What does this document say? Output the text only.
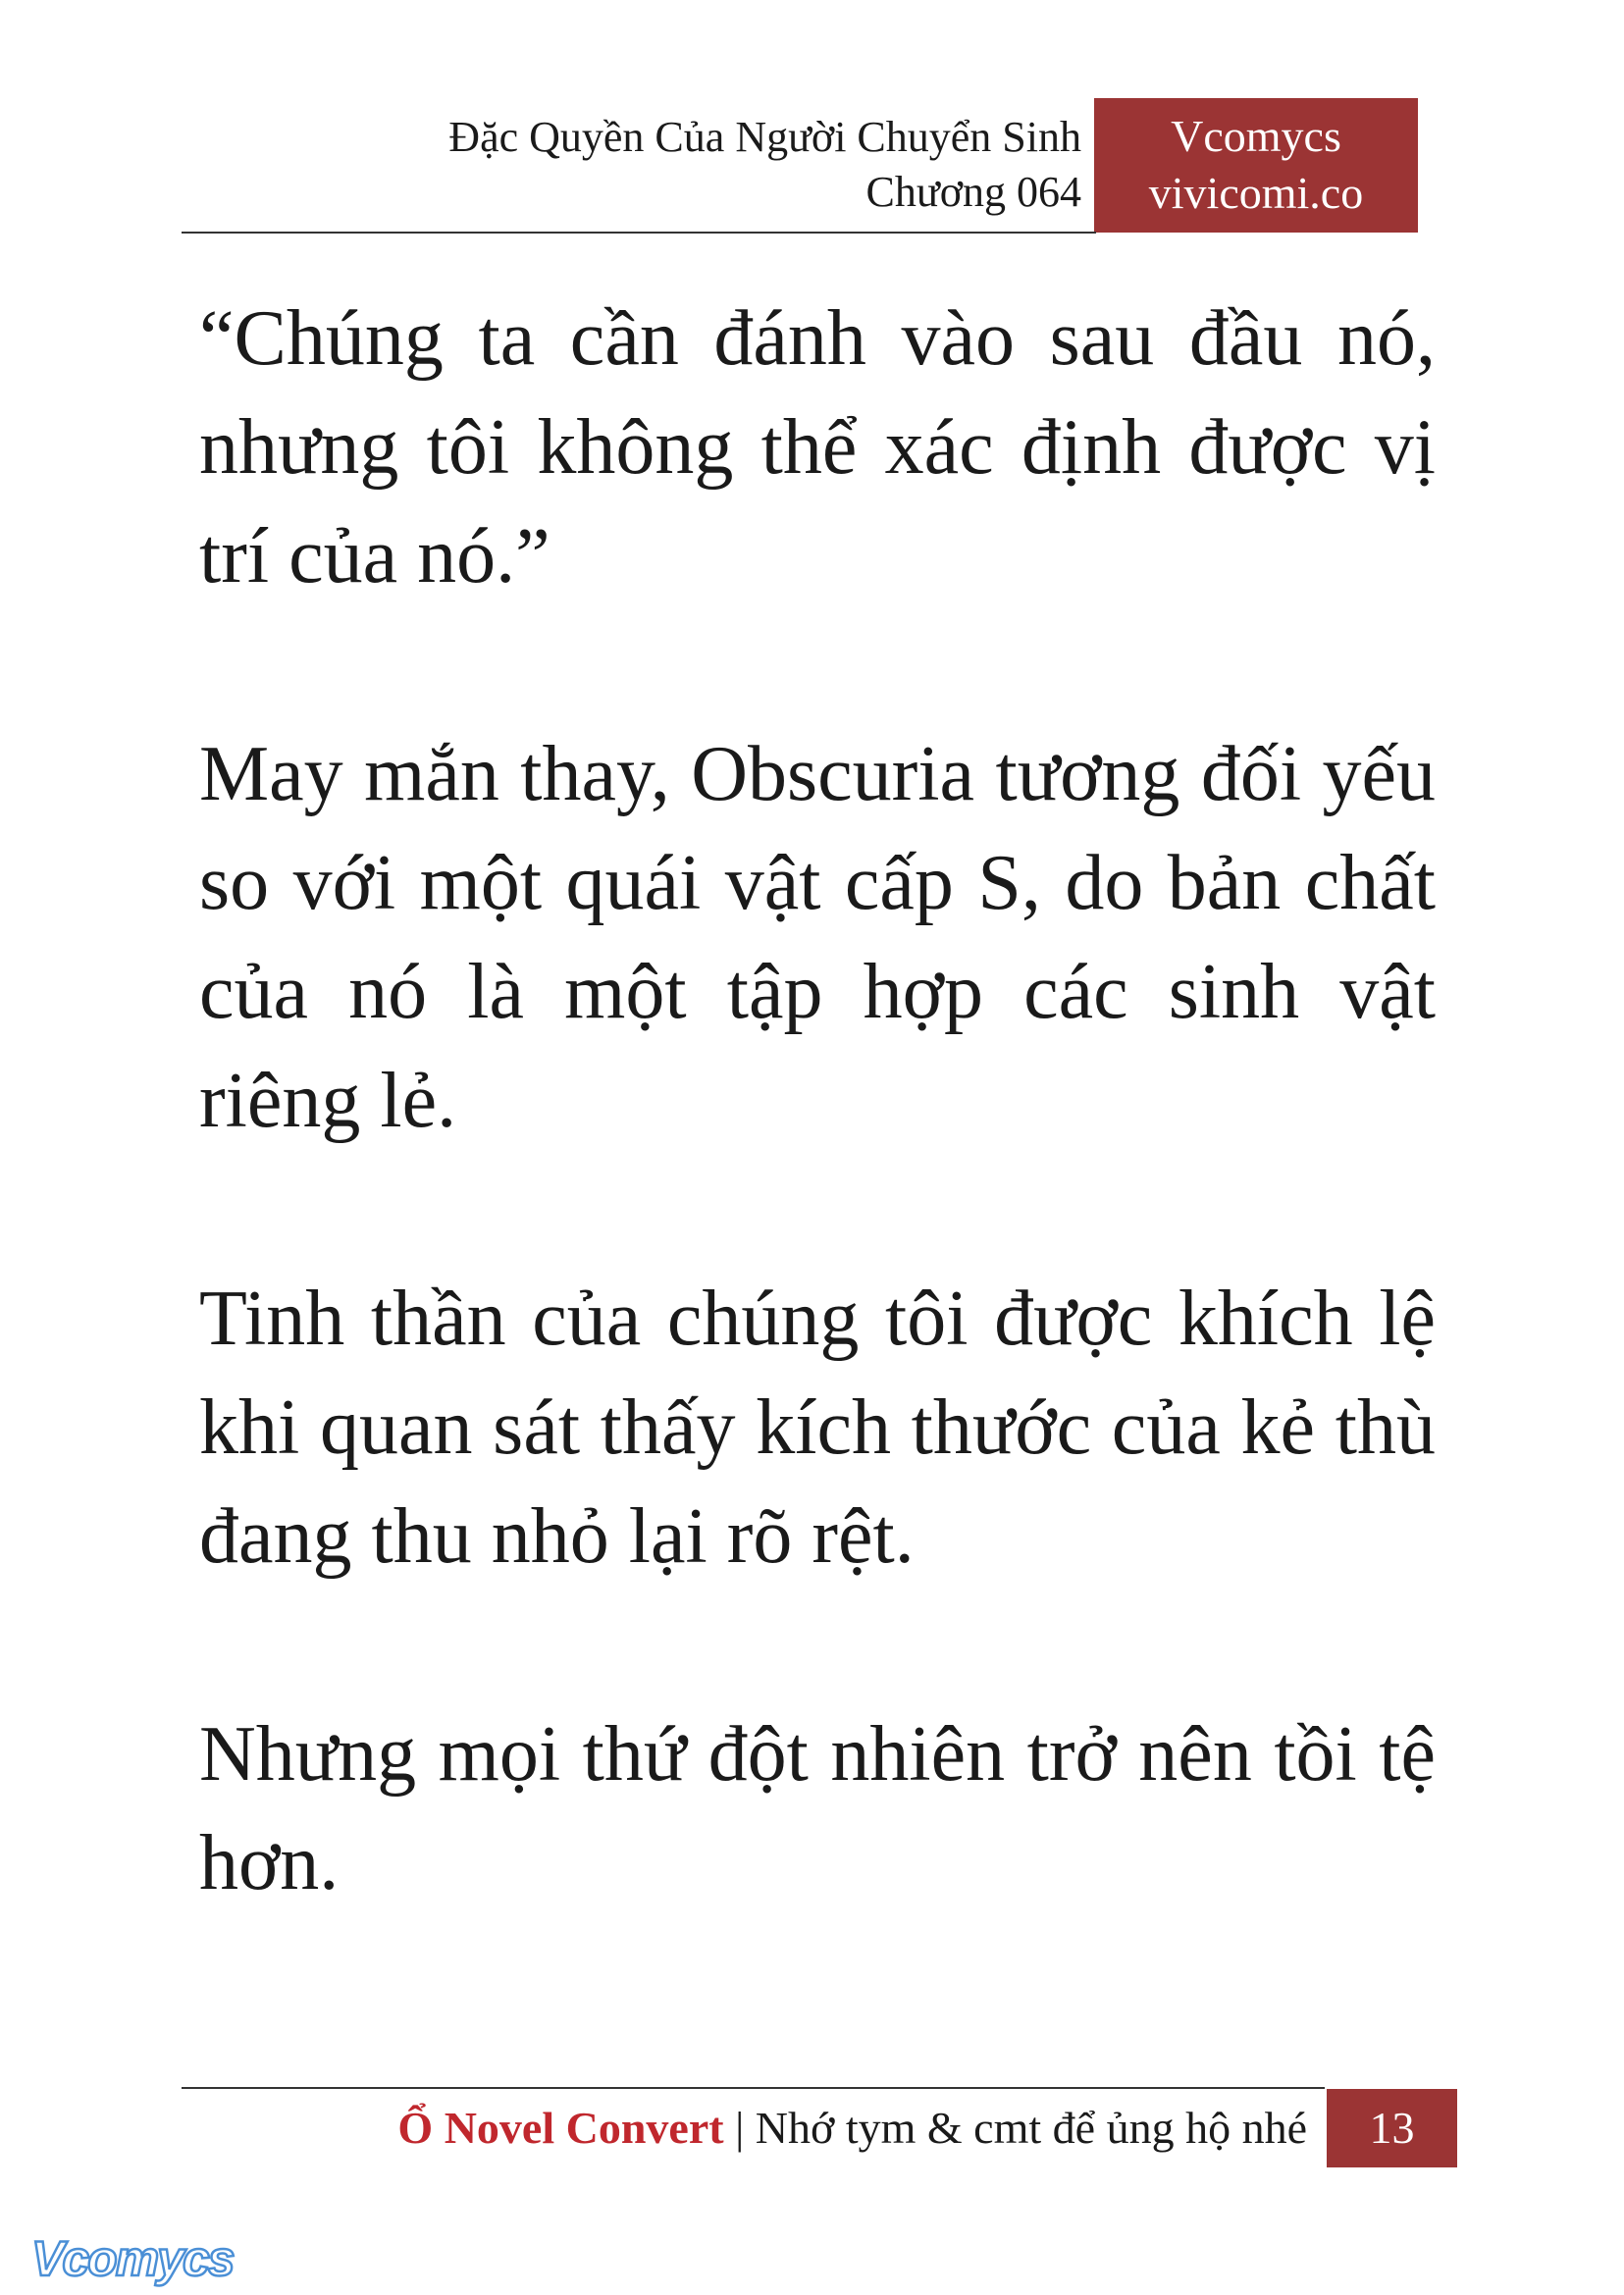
Đặc Quyền Của Người Chuyển Sinh
Chương 064
Vcomycs
vivicomi.co

“Chúng ta cần đánh vào sau đầu nó, nhưng tôi không thể xác định được vị trí của nó.”

May mắn thay, Obscuria tương đối yếu so với một quái vật cấp S, do bản chất của nó là một tập hợp các sinh vật riêng lẻ.

Tinh thần của chúng tôi được khích lệ khi quan sát thấy kích thước của kẻ thù đang thu nhỏ lại rõ rệt.

Nhưng mọi thứ đột nhiên trở nên tồi tệ hơn.

Ổ Novel Convert | Nhớ tym & cmt để ủng hộ nhé	13
Vcomycs
